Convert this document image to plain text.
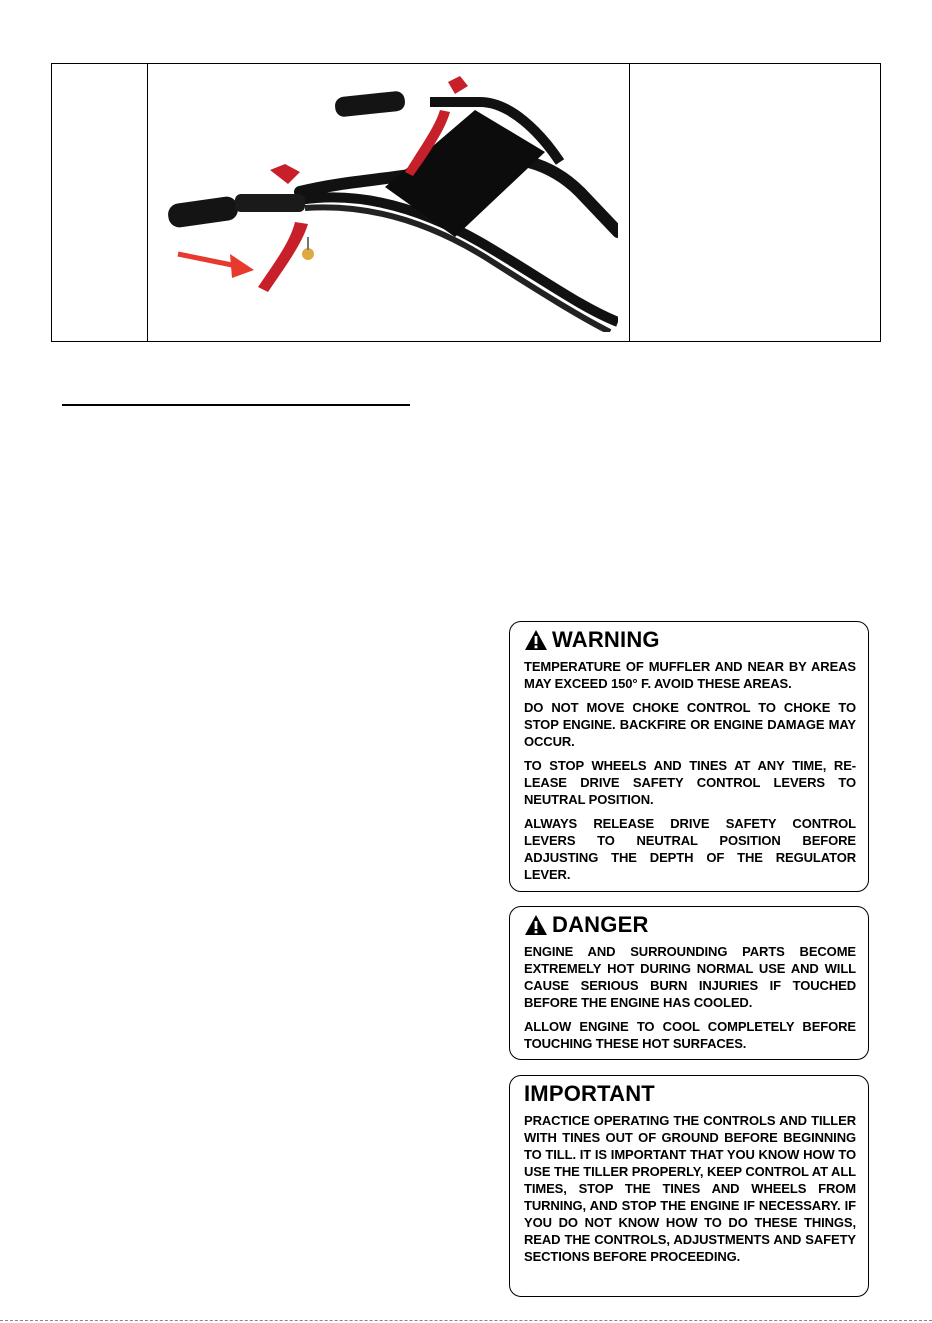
WARNING

TEMPERATURE OF MUFFLER AND NEAR BY AREAS MAY EXCEED 150° F. AVOID THESE AREAS.

DO NOT MOVE CHOKE CONTROL TO CHOKE TO STOP ENGINE. BACKFIRE OR ENGINE DAMAGE MAY OCCUR.

TO STOP WHEELS AND TINES AT ANY TIME, RE-LEASE DRIVE SAFETY CONTROL LEVERS TO NEUTRAL POSITION.

ALWAYS RELEASE DRIVE SAFETY CONTROL LEVERS TO NEUTRAL POSITION BEFORE ADJUSTING THE DEPTH OF THE REGULATOR LEVER.

DANGER

ENGINE AND SURROUNDING PARTS BECOME EXTREMELY HOT DURING NORMAL USE AND WILL CAUSE SERIOUS BURN INJURIES IF TOUCHED BEFORE THE ENGINE HAS COOLED.

ALLOW ENGINE TO COOL COMPLETELY BEFORE TOUCHING THESE HOT SURFACES.

IMPORTANT

PRACTICE OPERATING THE CONTROLS AND TILLER WITH TINES OUT OF GROUND BEFORE BEGINNING TO TILL. IT IS IMPORTANT THAT YOU KNOW HOW TO USE THE TILLER PROPERLY, KEEP CONTROL AT ALL TIMES, STOP THE TINES AND WHEELS FROM TURNING, AND STOP THE ENGINE IF NECESSARY. IF YOU DO NOT KNOW HOW TO DO THESE THINGS, READ THE CONTROLS, ADJUSTMENTS AND SAFETY SECTIONS BEFORE PROCEEDING.
